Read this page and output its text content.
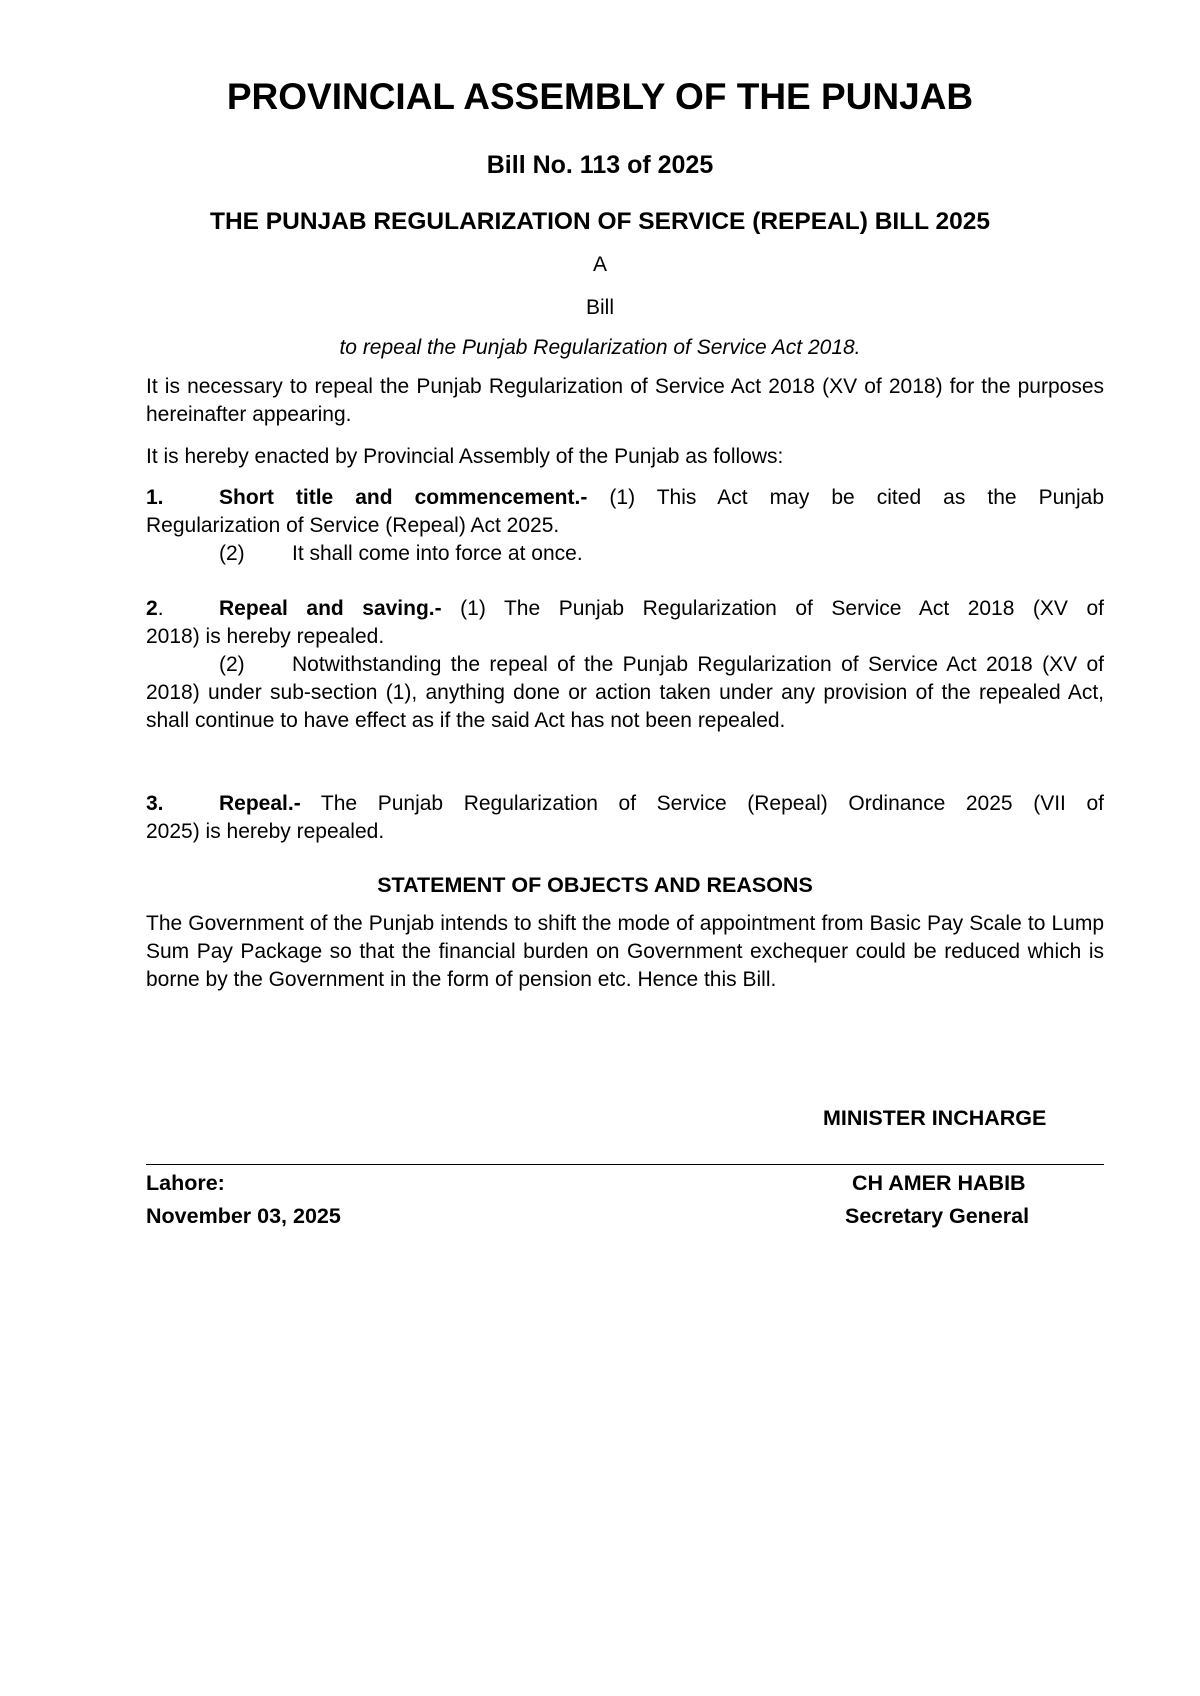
PROVINCIAL ASSEMBLY OF THE PUNJAB
Bill No. 113 of 2025
THE PUNJAB REGULARIZATION OF SERVICE (REPEAL) BILL 2025
A
Bill
to repeal the Punjab Regularization of Service Act 2018.
It is necessary to repeal the Punjab Regularization of Service Act 2018 (XV of 2018) for the purposes hereinafter appearing.
It is hereby enacted by Provincial Assembly of the Punjab as follows:
1.	Short title and commencement.- (1) This Act may be cited as the Punjab
Regularization of Service (Repeal) Act 2025.
(2) It shall come into force at once.
2.	Repeal and saving.- (1) The Punjab Regularization of Service Act 2018 (XV of
2018) is hereby repealed.
(2) Notwithstanding the repeal of the Punjab Regularization of Service Act 2018 (XV of 2018) under sub-section (1), anything done or action taken under any provision of the repealed Act, shall continue to have effect as if the said Act has not been repealed.
3.	Repeal.- The Punjab Regularization of Service (Repeal) Ordinance 2025 (VII of
2025) is hereby repealed.
STATEMENT OF OBJECTS AND REASONS
The Government of the Punjab intends to shift the mode of appointment from Basic Pay Scale to Lump Sum Pay Package so that the financial burden on Government exchequer could be reduced which is borne by the Government in the form of pension etc. Hence this Bill.
MINISTER INCHARGE
Lahore:
November 03, 2025
CH AMER HABIB
Secretary General
